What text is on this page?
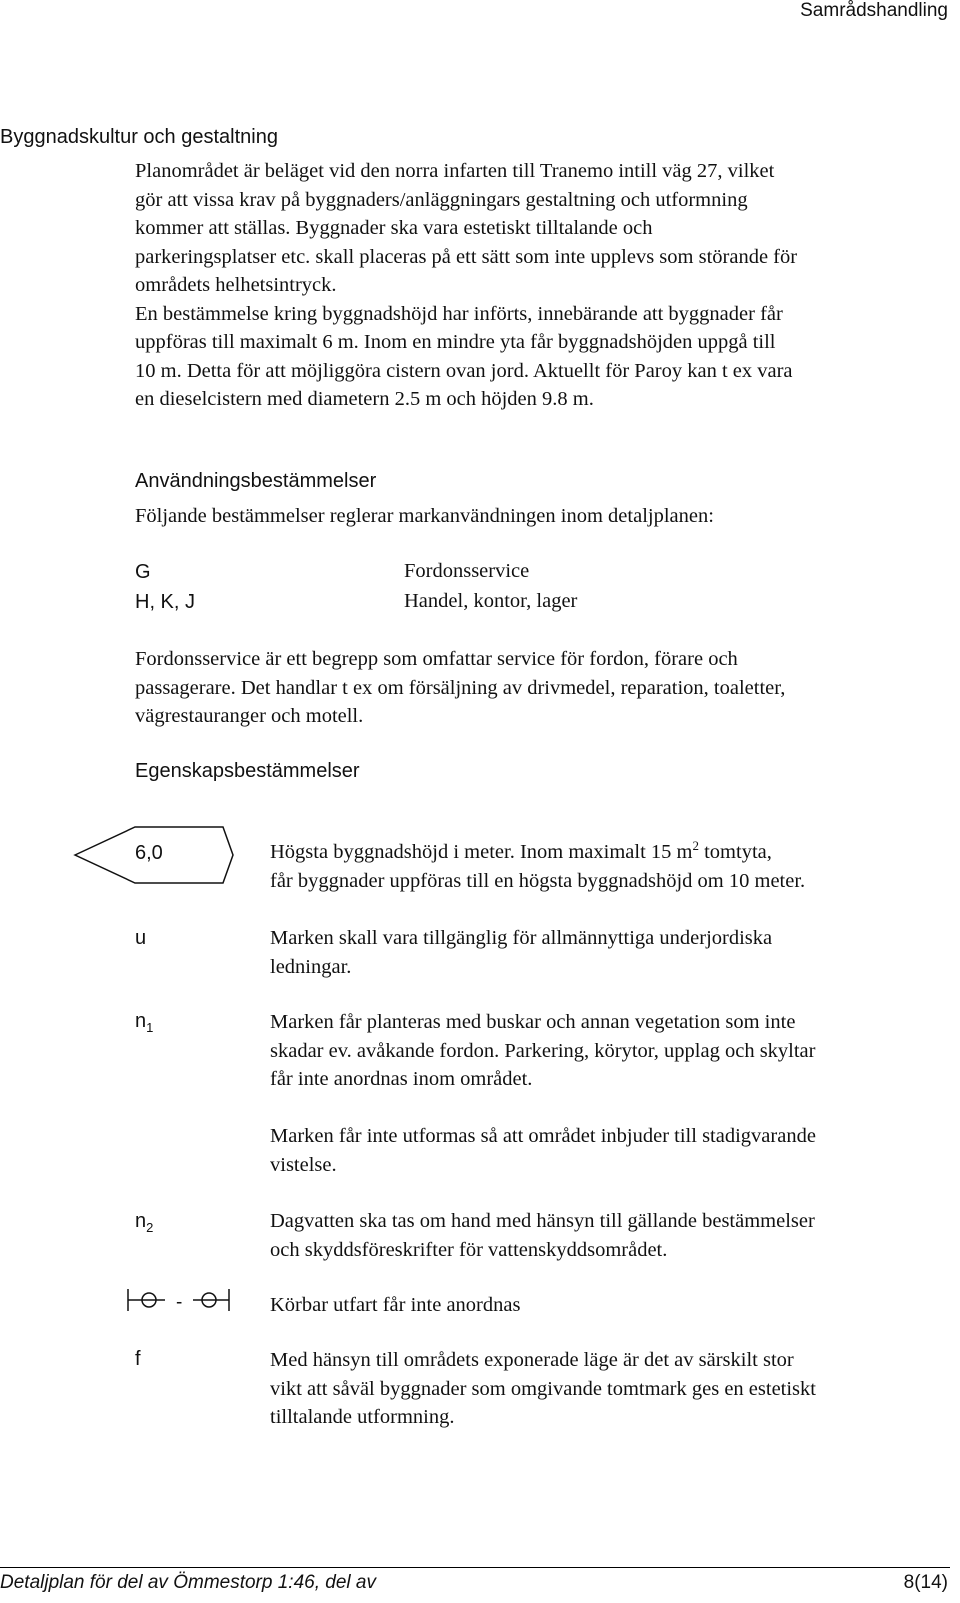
Samrådshandling
Byggnadskultur och gestaltning
Planområdet är beläget vid den norra infarten till Tranemo intill väg 27, vilket
gör att vissa krav på byggnaders/anläggningars gestaltning och utformning
kommer att ställas. Byggnader ska vara estetiskt tilltalande och
parkeringsplatser etc. skall placeras på ett sätt som inte upplevs som störande för
områdets helhetsintryck.
En bestämmelse kring byggnadshöjd har införts, innebärande att byggnader får
uppföras till maximalt 6 m. Inom en mindre yta får byggnadshöjden uppgå till
10 m. Detta för att möjliggöra cistern ovan jord. Aktuellt för Paroy kan t ex vara
en dieselcistern med diametern 2.5 m och höjden 9.8 m.
Användningsbestämmelser
Följande bestämmelser reglerar markanvändningen inom detaljplanen:
G	Fordonsservice
H, K, J	Handel, kontor, lager
Fordonsservice är ett begrepp som omfattar service för fordon, förare och
passagerare. Det handlar t ex om försäljning av drivmedel, reparation, toaletter,
vägrestauranger och motell.
Egenskapsbestämmelser
6,0	Högsta byggnadshöjd i meter. Inom maximalt 15 $m^2$ tomtyta,
får byggnader uppföras till en högsta byggnadshöjd om 10 meter.
u	Marken skall vara tillgänglig för allmännyttiga underjordiska
ledningar.
$n_1$	Marken får planteras med buskar och annan vegetation som inte
skadar ev. avåkande fordon. Parkering, körytor, upplag och skyltar
får inte anordnas inom området.
Marken får inte utformas så att området inbjuder till stadigvarande
vistelse.
$n_2$	Dagvatten ska tas om hand med hänsyn till gällande bestämmelser
och skyddsföreskrifter för vattenskyddsområdet.
-	Körbar utfart får inte anordnas
f	Med hänsyn till områdets exponerade läge är det av särskilt stor
vikt att såväl byggnader som omgivande tomtmark ges en estetiskt
tilltalande utformning.
Detaljplan för del av Ömmestorp 1:46, del av	8(14)
